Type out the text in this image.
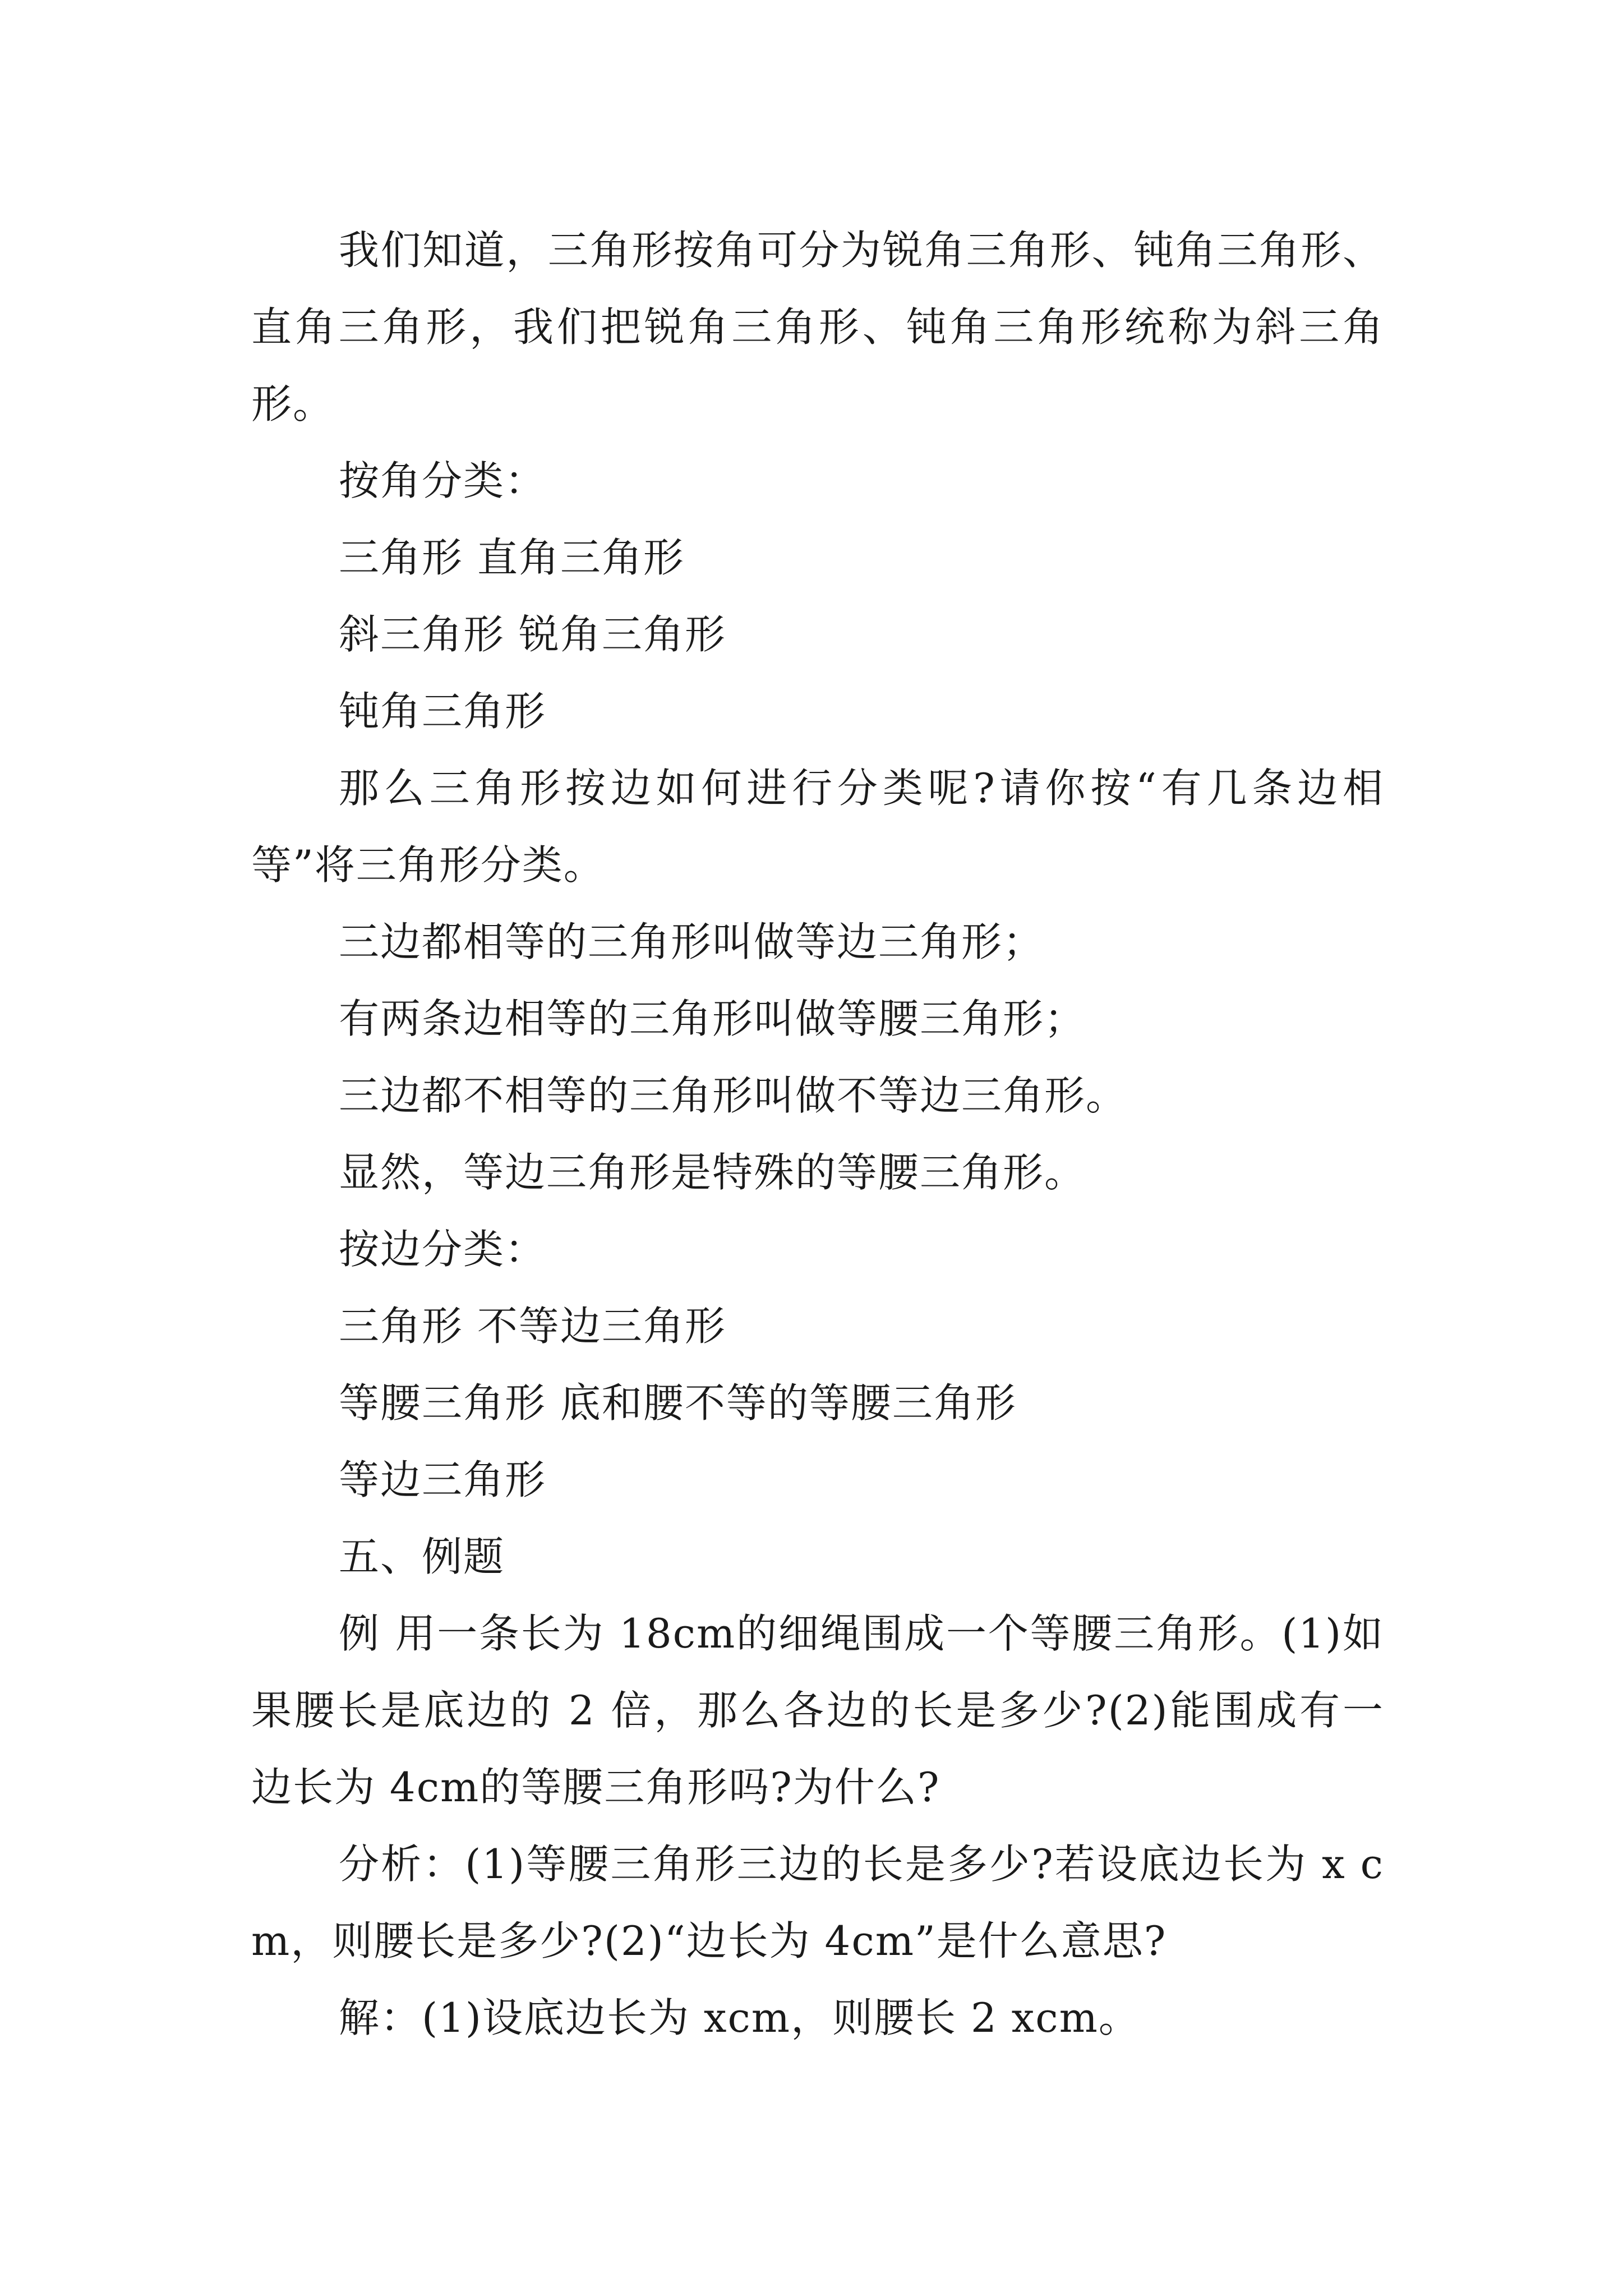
我们知道，三角形按角可分为锐角三角形、钝角三角形、直角三角形，我们把锐角三角形、钝角三角形统称为斜三角形。

按角分类：

三角形 直角三角形

斜三角形 锐角三角形

钝角三角形

那么三角形按边如何进行分类呢?请你按“有几条边相等”将三角形分类。

三边都相等的三角形叫做等边三角形；

有两条边相等的三角形叫做等腰三角形；

三边都不相等的三角形叫做不等边三角形。

显然，等边三角形是特殊的等腰三角形。

按边分类：

三角形 不等边三角形

等腰三角形 底和腰不等的等腰三角形

等边三角形

五、例题

例 用一条长为 18cm的细绳围成一个等腰三角形。(1)如果腰长是底边的 2 倍，那么各边的长是多少?(2)能围成有一边长为 4cm的等腰三角形吗?为什么?

分析：(1)等腰三角形三边的长是多少?若设底边长为 x cm，则腰长是多少?(2)“边长为 4cm”是什么意思?

解：(1)设底边长为 xcm，则腰长 2 xcm。
